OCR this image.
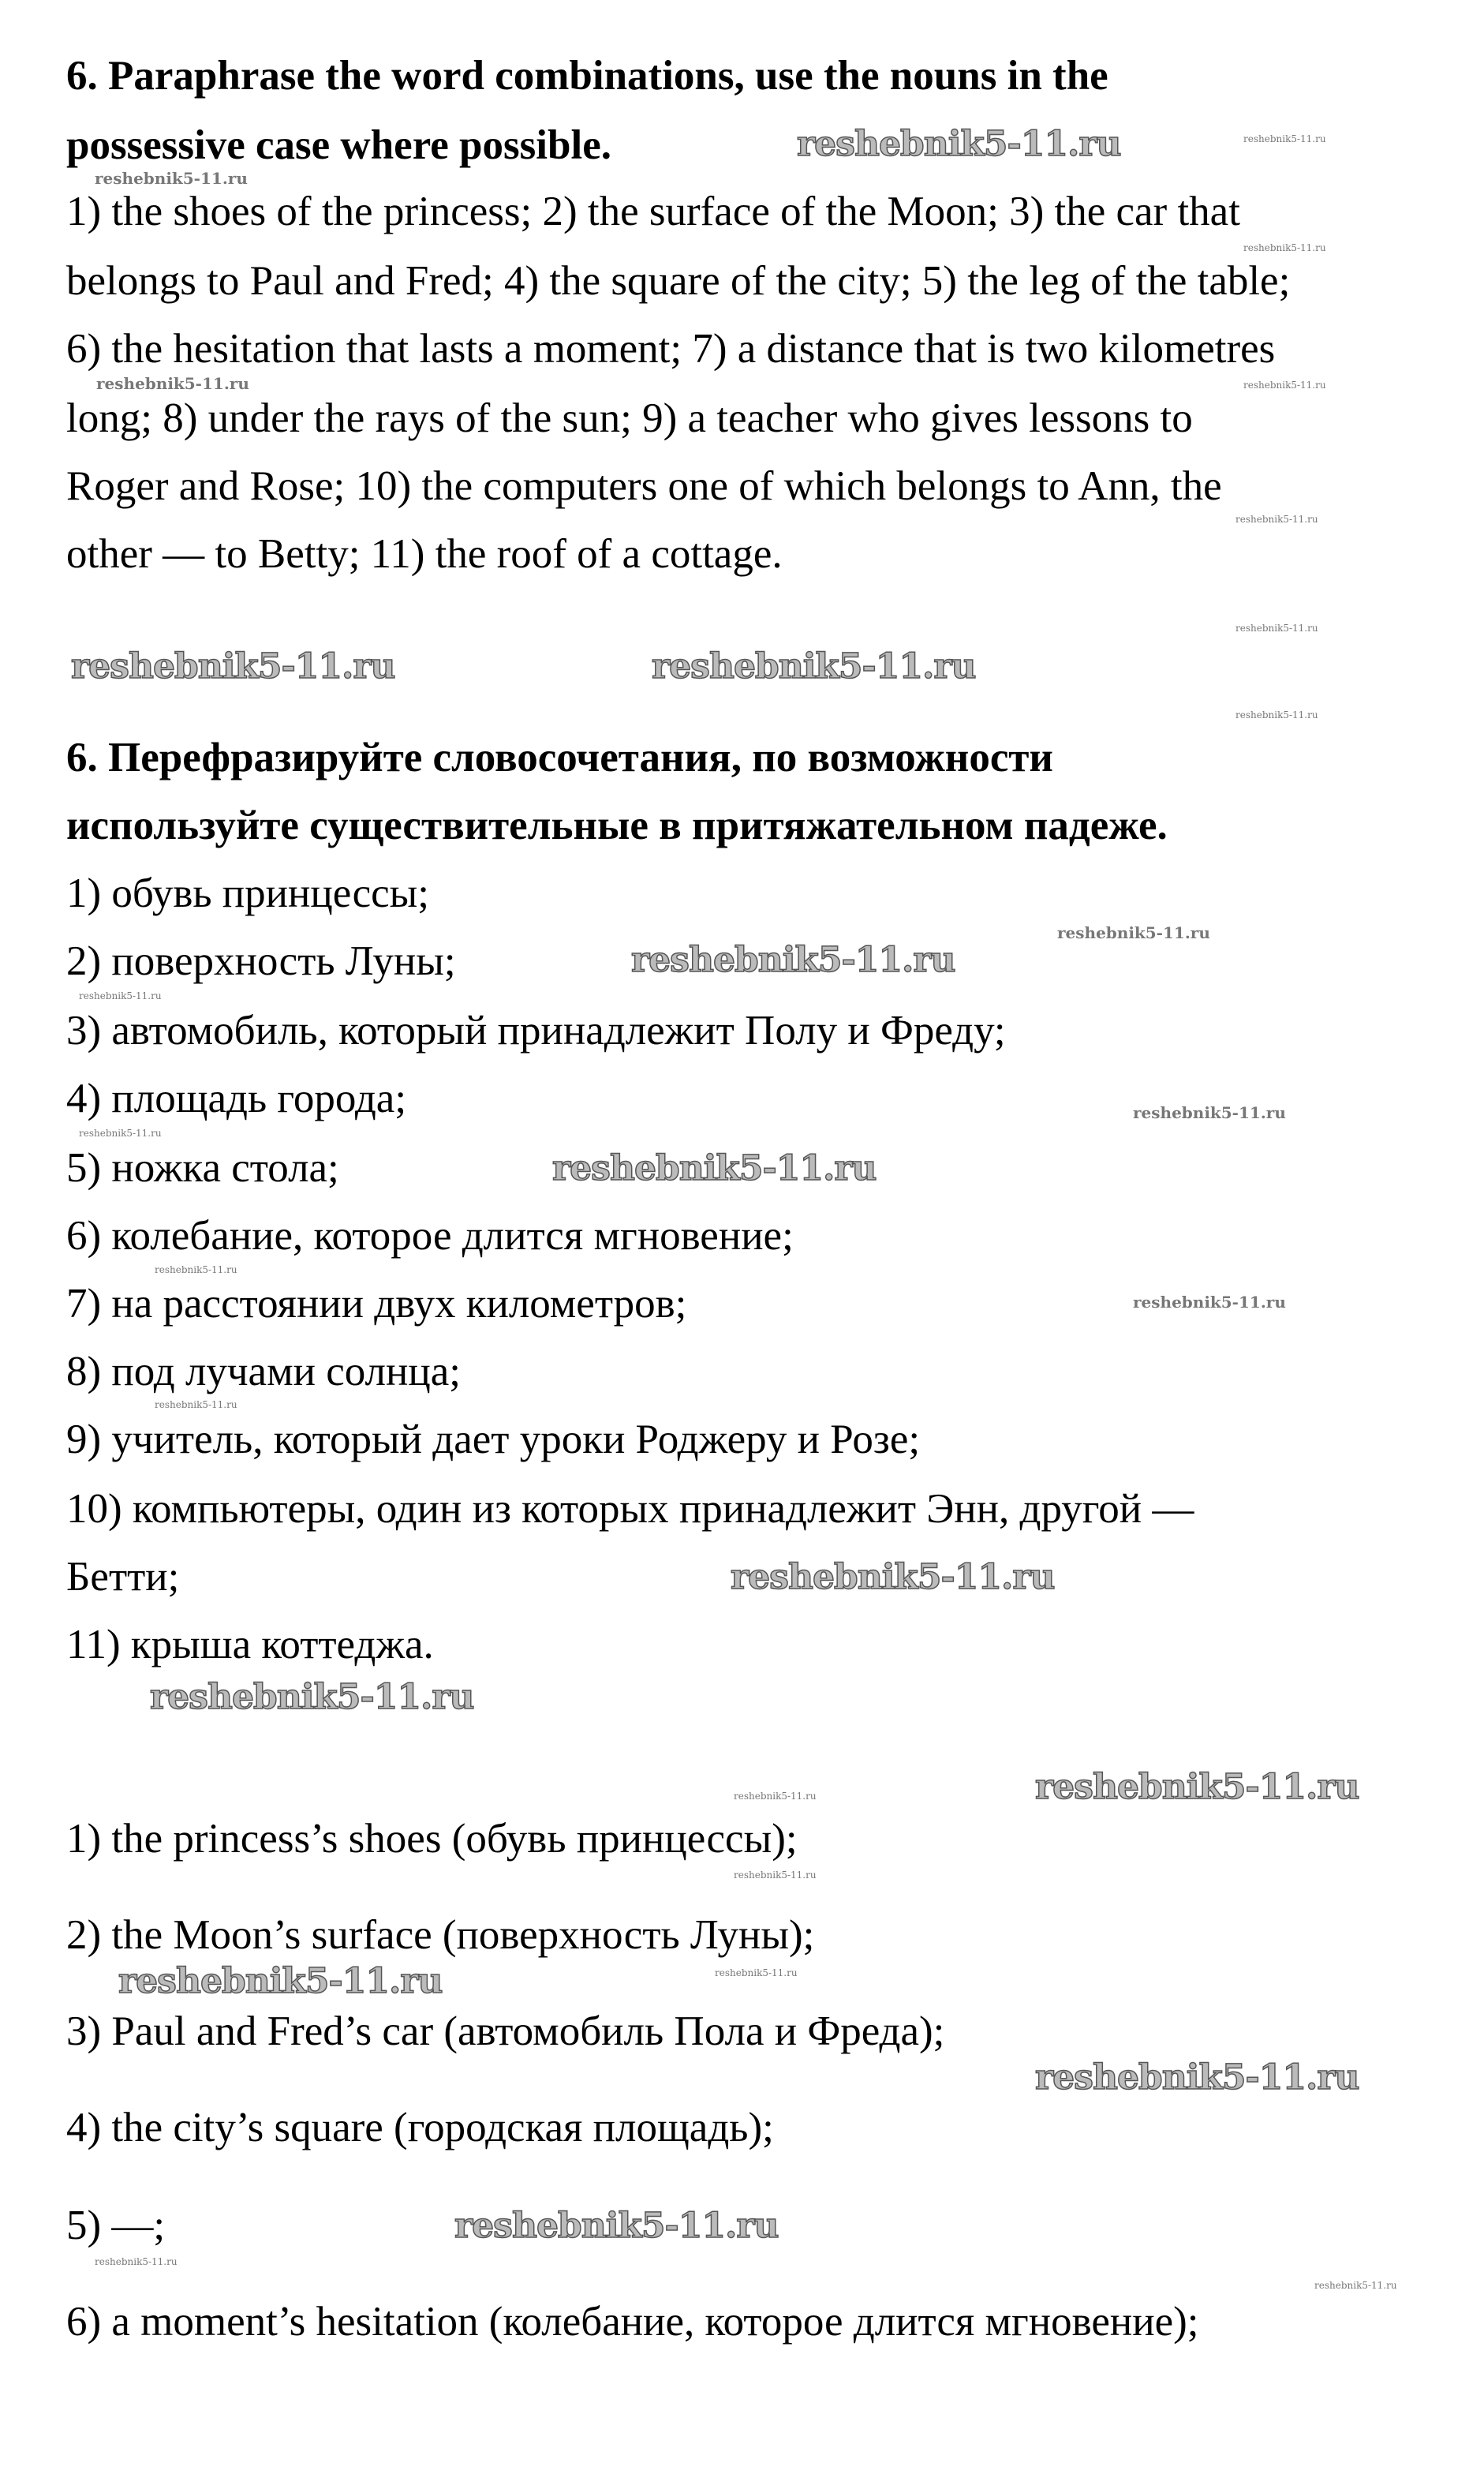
6. Paraphrase the word combinations, use the nouns in the
possessive case where possible.
1) the shoes of the princess; 2) the surface of the Moon; 3) the car that
belongs to Paul and Fred; 4) the square of the city; 5) the leg of the table;
6) the hesitation that lasts a moment; 7) a distance that is two kilometres
long; 8) under the rays of the sun; 9) a teacher who gives lessons to
Roger and Rose; 10) the computers one of which belongs to Ann, the
other — to Betty; 11) the roof of a cottage.
6. Перефразируйте словосочетания, по возможности
используйте существительные в притяжательном падеже.
1) обувь принцессы;
2) поверхность Луны;
3) автомобиль, который принадлежит Полу и Фреду;
4) площадь города;
5) ножка стола;
6) колебание, которое длится мгновение;
7) на расстоянии двух километров;
8) под лучами солнца;
9) учитель, который дает уроки Роджеру и Розе;
10) компьютеры, один из которых принадлежит Энн, другой —
Бетти;
11) крыша коттеджа.
1) the princess’s shoes (обувь принцессы);
2) the Moon’s surface (поверхность Луны);
3) Paul and Fred’s car (автомобиль Пола и Фреда);
4) the city’s square (городская площадь);
5) —;
6) a moment’s hesitation (колебание, которое длится мгновение);
reshebnik5-11.ru
reshebnik5-11.ru	reshebnik5-11.ru
reshebnik5-11.ru
reshebnik5-11.ru
reshebnik5-11.ru
reshebnik5-11.ru
reshebnik5-11.ru
reshebnik5-11.ru
reshebnik5-11.ru
reshebnik5-11.ru
reshebnik5-11.ru
reshebnik5-11.ru
reshebnik5-11.ru
reshebnik5-11.ru
reshebnik5-11.ru
reshebnik5-11.ru
reshebnik5-11.ru
reshebnik5-11.ru
reshebnik5-11.ru
reshebnik5-11.ru
reshebnik5-11.ru
reshebnik5-11.ru
reshebnik5-11.ru
reshebnik5-11.ru
reshebnik5-11.ru
reshebnik5-11.ru
reshebnik5-11.ru
reshebnik5-11.ru
reshebnik5-11.ru
reshebnik5-11.ru
